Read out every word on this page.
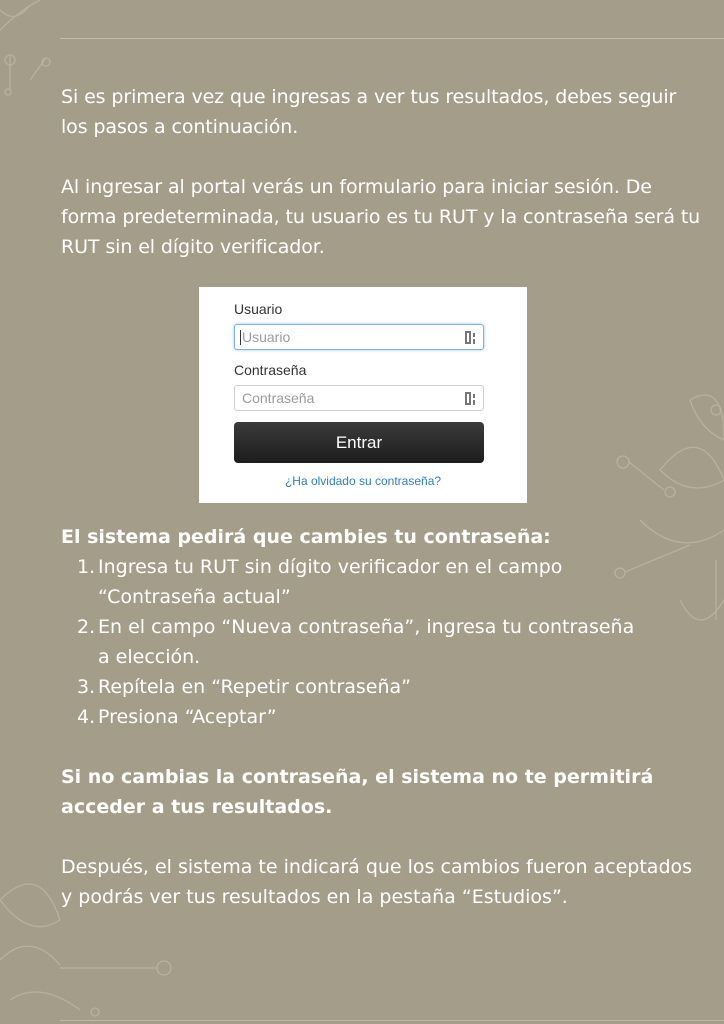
Si es primera vez que ingresas a ver tus resultados, debes seguir los pasos a continuación.

Al ingresar al portal verás un formulario para iniciar sesión. De forma predeterminada, tu usuario es tu RUT y la contraseña será tu RUT sin el dígito verificador.

Usuario
Usuario
Contraseña
Contraseña
Entrar
¿Ha olvidado su contraseña?
El sistema pedirá que cambies tu contraseña:
1. Ingresa tu RUT sin dígito verificador en el campo “Contraseña actual”
2. En el campo “Nueva contraseña”, ingresa tu contraseña a elección.
3. Repítela en “Repetir contraseña”
4. Presiona “Aceptar”

Si no cambias la contraseña, el sistema no te permitirá acceder a tus resultados.

Después, el sistema te indicará que los cambios fueron aceptados y podrás ver tus resultados en la pestaña “Estudios”.
